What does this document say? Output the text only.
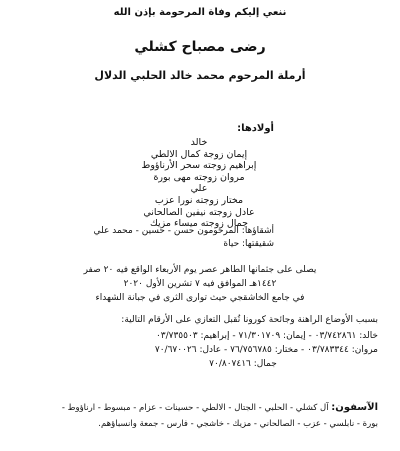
ننعي إليكم وفاة المرحومة بإذن الله
رضى مصباح كشلي
أرملة المرحوم محمد خالد الحلبي الدلال
أولادها:
خالد
إيمان زوجة كمال الالطي
إبراهيم زوجته سحر الأرناؤوط
مروان زوجته مهى بورة
علي
مختار زوجته نورا عزب
عادل زوجته نيفين الصالحاني
جمال زوجته ميساء مزيك
أشقاؤها: المرحومون حسن - حسين - محمد علي
شقيقتها: حياة
يصلى على جثمانها الطاهر عصر يوم الأربعاء الواقع فيه ٢٠ صفر
١٤٤٢هـ الموافق فيه ٧ تشرين الأول ٢٠٢٠
في جامع الخاشقجي حيث توارى الثرى في جبانة الشهداء
بسبب الأوضاع الراهنة وجائحة كورونا تُقبل التعازي على الأرقام التالية:
خالد: ٠٣/٧٤٢٨٦١ - إيمان: ٧١/٣٠١٧٠٩ - إبراهيم: ٠٣/٧٣٥٥٠٣
مروان: ٠٣/٧٨٣٣٤٤ - مختار: ٧٦/٧٥٦٧٨٥ - عادل: ٧٠/٦٧٠٠٢٦
جمال: ٧٠/٨٠٧٤١٦
الآسفون: آل كشلي - الحلبي - الجتال - الالطي - حسينات - عزام - مبسوط - ارناؤوط -
بورة - نابلسي - عزب - الصالحاني - مزيك - خاشجي - فارس - جمعة وانسباؤهم.
